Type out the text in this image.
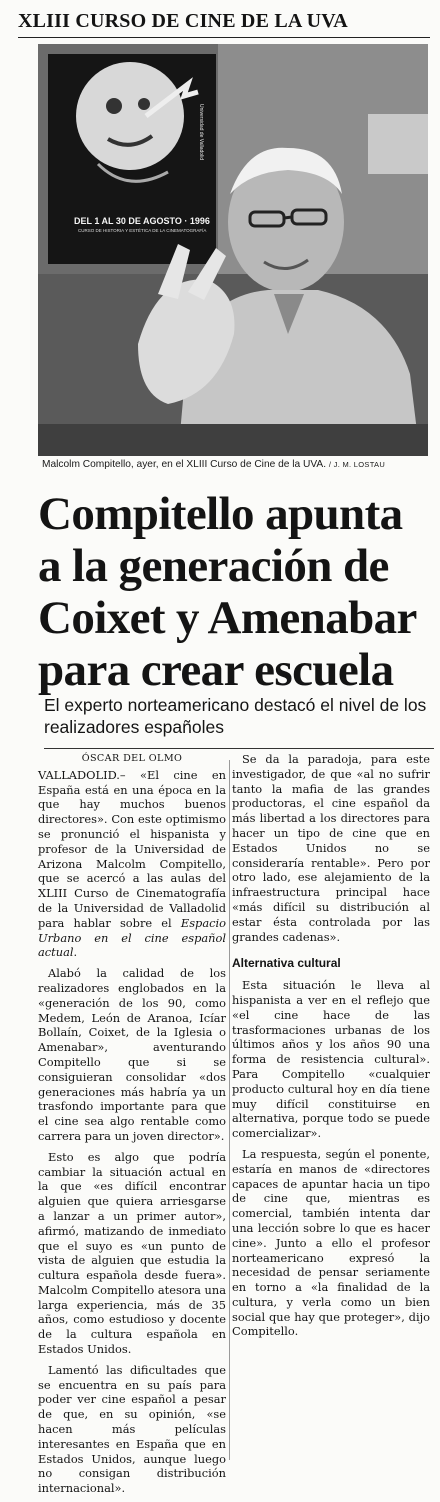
XLIII CURSO DE CINE DE LA UVA
Universidad de Valladolid
DEL 1 AL 30 DE AGOSTO · 1996
CURSO DE HISTORIA Y ESTÉTICA DE LA CINEMATOGRAFÍA
Malcolm Compitello, ayer, en el XLIII Curso de Cine de la UVA. / J. M. LOSTAU
Compitello apunta a la generación de Coixet y Amenabar para crear escuela
El experto norteamericano destacó el nivel de los realizadores españoles
ÓSCAR DEL OLMO

VALLADOLID.– «El cine en España está en una época en la que hay muchos buenos directores». Con este optimismo se pronunció el hispanista y profesor de la Universidad de Arizona Malcolm Compitello, que se acercó a las aulas del XLIII Curso de Cinematografía de la Universidad de Valladolid para hablar sobre el Espacio Urbano en el cine español actual.

Alabó la calidad de los realizadores englobados en la «generación de los 90, como Medem, León de Aranoa, Icíar Bollaín, Coixet, de la Iglesia o Amenabar», aventurando Compitello que si se consiguieran consolidar «dos generaciones más habría ya un trasfondo importante para que el cine sea algo rentable como carrera para un joven director».

Esto es algo que podría cambiar la situación actual en la que «es difícil encontrar alguien que quiera arriesgarse a lanzar a un primer autor», afirmó, matizando de inmediato que el suyo es «un punto de vista de alguien que estudia la cultura española desde fuera». Malcolm Compitello atesora una larga experiencia, más de 35 años, como estudioso y docente de la cultura española en Estados Unidos.

Lamentó las dificultades que se encuentra en su país para poder ver cine español a pesar de que, en su opinión, «se hacen más películas interesantes en España que en Estados Unidos, aunque luego no consigan distribución internacional».

Se da la paradoja, para este investigador, de que «al no sufrir tanto la mafia de las grandes productoras, el cine español da más libertad a los directores para hacer un tipo de cine que en Estados Unidos no se consideraría rentable». Pero por otro lado, ese alejamiento de la infraestructura principal hace «más difícil su distribución al estar ésta controlada por las grandes cadenas».

Alternativa cultural

Esta situación le lleva al hispanista a ver en el reflejo que «el cine hace de las trasformaciones urbanas de los últimos años y los años 90 una forma de resistencia cultural». Para Compitello «cualquier producto cultural hoy en día tiene muy difícil constituirse en alternativa, porque todo se puede comercializar».

La respuesta, según el ponente, estaría en manos de «directores capaces de apuntar hacia un tipo de cine que, mientras es comercial, también intenta dar una lección sobre lo que es hacer cine». Junto a ello el profesor norteamericano expresó la necesidad de pensar seriamente en torno a «la finalidad de la cultura, y verla como un bien social que hay que proteger», dijo Compitello.
